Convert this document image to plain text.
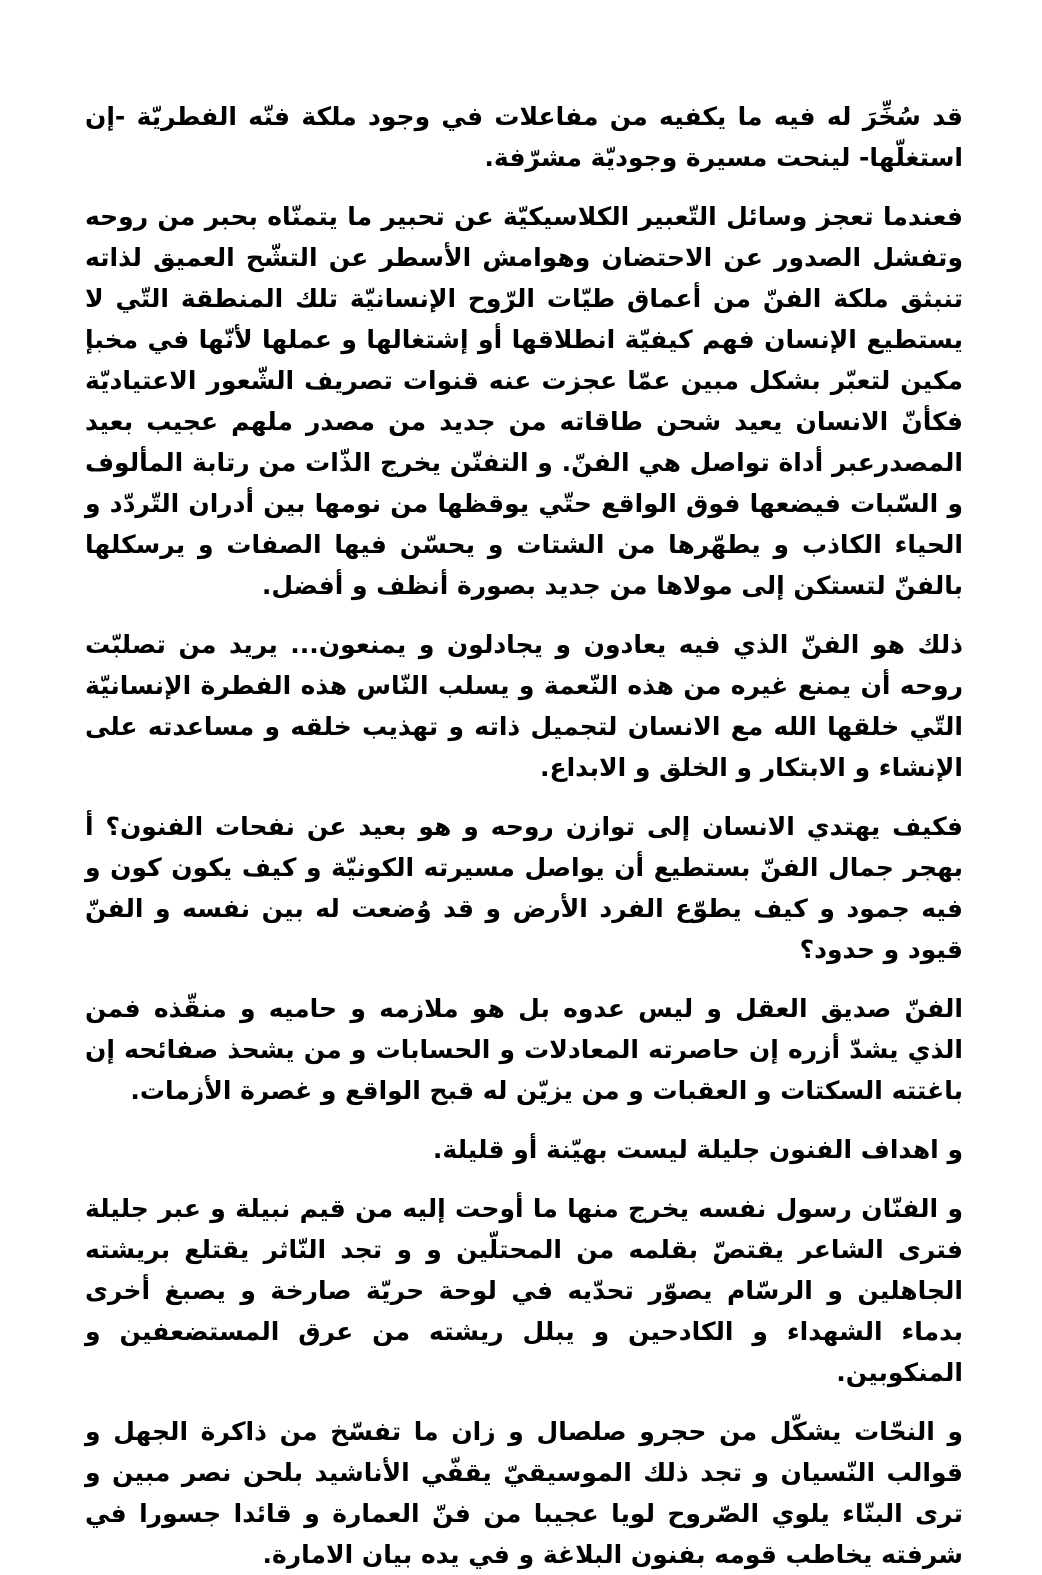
قد سُخِّرَ له فيه ما يكفيه من مفاعلات في وجود ملكة فنّه الفطريّة -إن استغلّها- لينحت مسيرة وجوديّة مشرّفة.

فعندما تعجز وسائل التّعبير الكلاسيكيّة عن تحبير ما يتمنّاه بحبر من روحه وتفشل الصدور عن الاحتضان وهوامش الأسطر عن التشّح العميق لذاته تنبثق ملكة الفنّ من أعماق طيّات الرّوح الإنسانيّة تلك المنطقة التّي لا يستطيع الإنسان فهم كيفيّة انطلاقها أو إشتغالها و عملها لأنّها في مخبإ مكين لتعبّر بشكل مبين عمّا عجزت عنه قنوات تصريف الشّعور الاعتياديّة فكأنّ الانسان يعيد شحن طاقاته من جديد من مصدر ملهم عجيب بعيد المصدرعبر أداة تواصل هي الفنّ. و التفنّن يخرج الذّات من رتابة المألوف و السّبات فيضعها فوق الواقع حتّي يوقظها من نومها بين أدران التّردّد و الحياء الكاذب و يطهّرها من الشتات و يحسّن فيها الصفات و يرسكلها بالفنّ لتستكن إلى مولاها من جديد بصورة أنظف و أفضل.

ذلك هو الفنّ الذي فيه يعادون و يجادلون و يمنعون... يريد من تصلبّت روحه أن يمنع غيره من هذه النّعمة و يسلب النّاس هذه الفطرة الإنسانيّة التّي خلقها الله مع الانسان لتجميل ذاته و تهذيب خلقه و مساعدته على الإنشاء و الابتكار و الخلق و الابداع.

فكيف يهتدي الانسان إلى توازن روحه و هو بعيد عن نفحات الفنون؟ أ بهجر جمال الفنّ بستطيع أن يواصل مسيرته الكونيّة و كيف يكون كون و فيه جمود و كيف يطوّع الفرد الأرض و قد وُضعت له بين نفسه و الفنّ قيود و حدود؟

الفنّ صديق العقل و ليس عدوه بل هو ملازمه و حاميه و منقّذه فمن الذي يشدّ أزره إن حاصرته المعادلات و الحسابات و من يشحذ صفائحه إن باغتته السكتات و العقبات و من يزيّن له قبح الواقع و غصرة الأزمات.

و اهداف الفنون جليلة ليست بهيّنة أو قليلة.

و الفنّان رسول نفسه يخرج منها ما أوحت إليه من قيم نبيلة و عبر جليلة فترى الشاعر يقتصّ بقلمه من المحتلّين و و تجد النّاثر يقتلع بريشته الجاهلين و الرسّام يصوّر تحدّيه في لوحة حريّة صارخة و يصبغ أخرى بدماء الشهداء و الكادحين و يبلل ريشته من عرق المستضعفين و المنكوبين.

و النحّات يشكّل من حجرو صلصال و زان ما تفسّخ من ذاكرة الجهل و قوالب النّسيان و تجد ذلك الموسيقيّ يقفّي الأناشيد بلحن نصر مبين و ترى البنّاء يلوي الصّروح لويا عجيبا من فنّ العمارة و قائدا جسورا في شرفته يخاطب قومه بفنون البلاغة و في يده بيان الامارة.
